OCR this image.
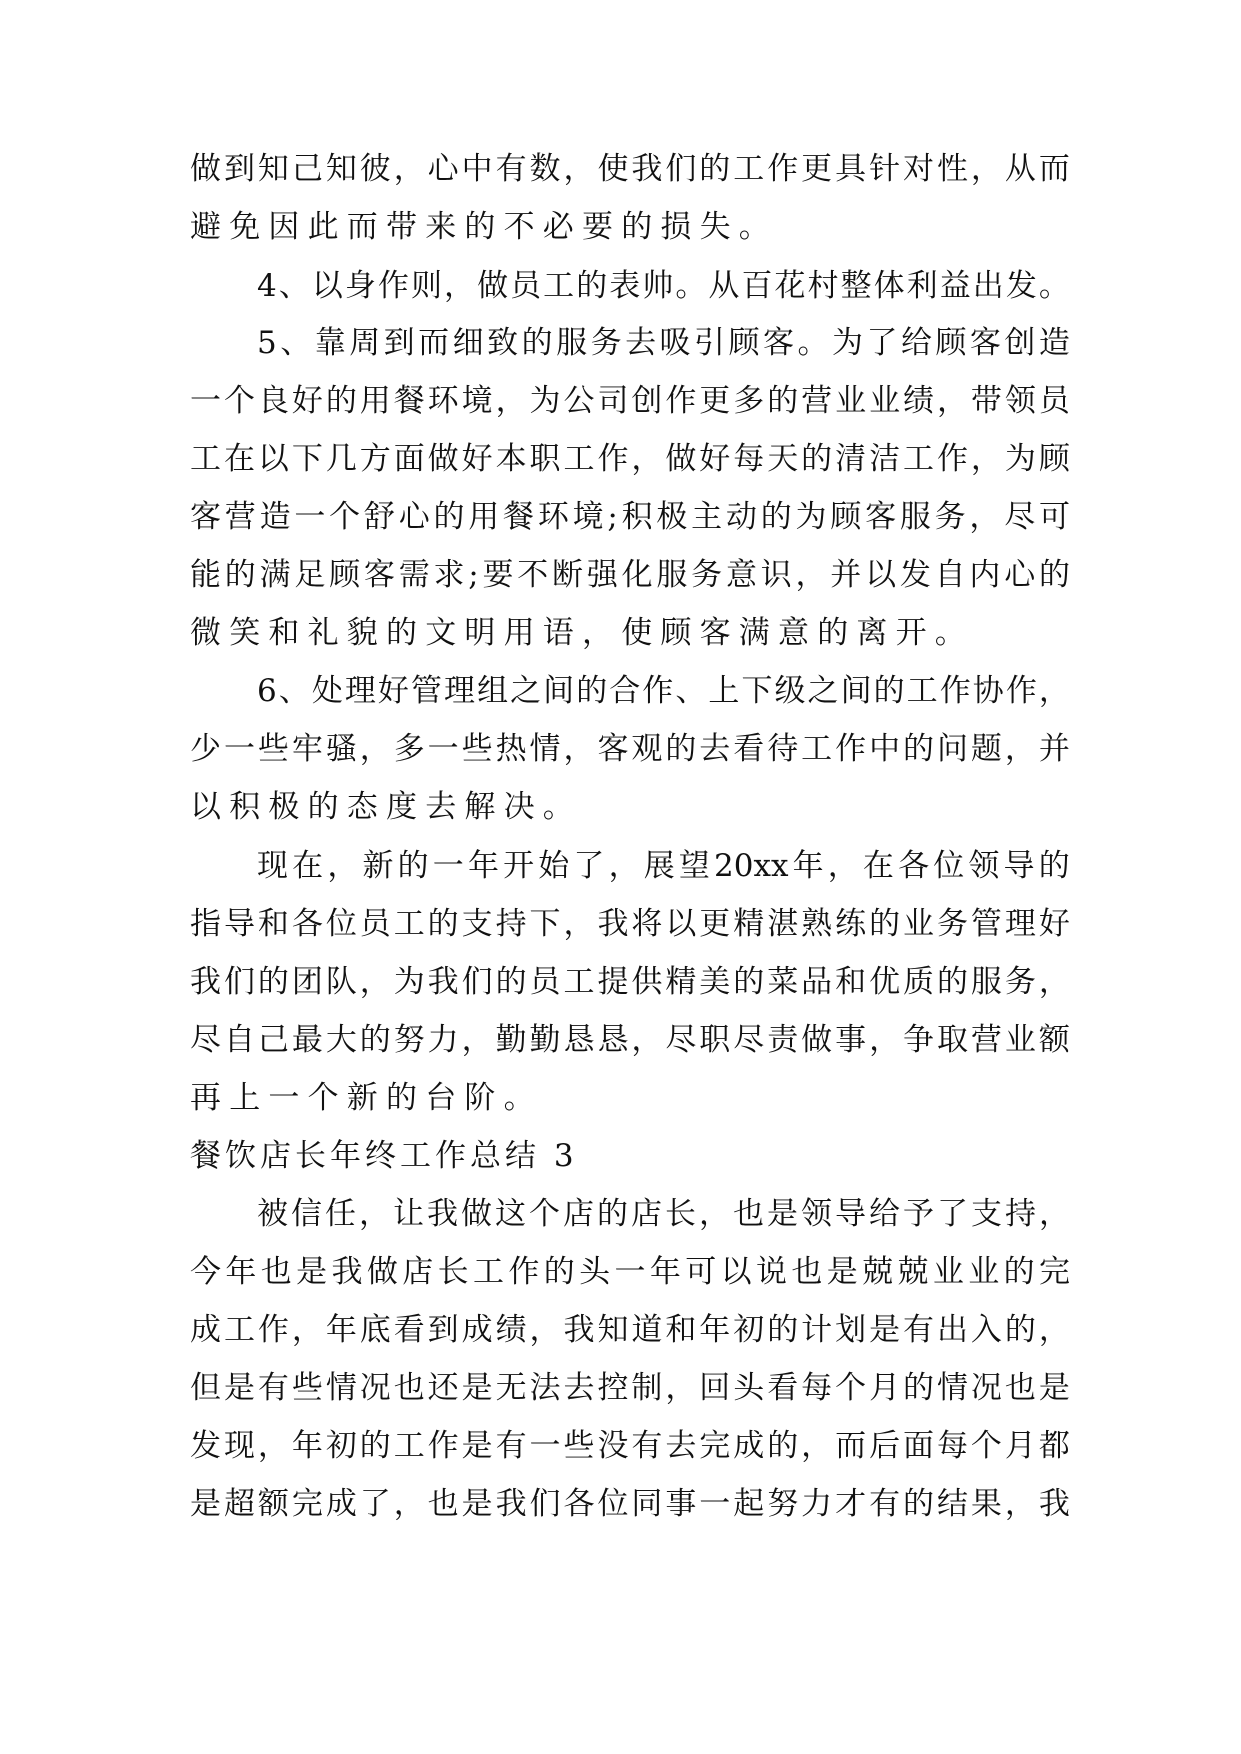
做 到 知 己 知 彼 ， 心 中 有 数 ， 使 我 们 的 工 作 更 具 针 对 性 ， 从 而
避免因此而带来的不必要的损失。
4 、 以 身 作 则 ， 做 员 工 的 表 帅 。 从 百 花 村 整 体 利 益 出 发 。
5 、 靠 周 到 而 细 致 的 服 务 去 吸 引 顾 客 。 为 了 给 顾 客 创 造
一 个 良 好 的 用 餐 环 境 ， 为 公 司 创 作 更 多 的 营 业 业 绩 ， 带 领 员
工 在 以 下 几 方 面 做 好 本 职 工 作 ， 做 好 每 天 的 清 洁 工 作 ， 为 顾
客 营 造 一 个 舒 心 的 用 餐 环 境 ; 积 极 主 动 的 为 顾 客 服 务 ， 尽 可
能 的 满 足 顾 客 需 求 ; 要 不 断 强 化 服 务 意 识 ， 并 以 发 自 内 心 的
微笑和礼貌的文明用语，使顾客满意的离开。
6 、 处 理 好 管 理 组 之 间 的 合 作 、 上 下 级 之 间 的 工 作 协 作 ，
少 一 些 牢 骚 ， 多 一 些 热 情 ， 客 观 的 去 看 待 工 作 中 的 问 题 ， 并
以积极的态度去解决。
现 在 ， 新 的 一 年 开 始 了 ， 展 望 20xx 年 ， 在 各 位 领 导 的
指 导 和 各 位 员 工 的 支 持 下 ， 我 将 以 更 精 湛 熟 练 的 业 务 管 理 好
我 们 的 团 队 ， 为 我 们 的 员 工 提 供 精 美 的 菜 品 和 优 质 的 服 务 ，
尽 自 己 最 大 的 努 力 ， 勤 勤 恳 恳 ， 尽 职 尽 责 做 事 ， 争 取 营 业 额
再上一个新的台阶。
餐饮店长年终工作总结 3
被 信 任 ， 让 我 做 这 个 店 的 店 长 ， 也 是 领 导 给 予 了 支 持 ，
今 年 也 是 我 做 店 长 工 作 的 头 一 年 可 以 说 也 是 兢 兢 业 业 的 完
成 工 作 ， 年 底 看 到 成 绩 ， 我 知 道 和 年 初 的 计 划 是 有 出 入 的 ，
但 是 有 些 情 况 也 还 是 无 法 去 控 制 ， 回 头 看 每 个 月 的 情 况 也 是
发 现 ， 年 初 的 工 作 是 有 一 些 没 有 去 完 成 的 ， 而 后 面 每 个 月 都
是 超 额 完 成 了 ， 也 是 我 们 各 位 同 事 一 起 努 力 才 有 的 结 果 ， 我
